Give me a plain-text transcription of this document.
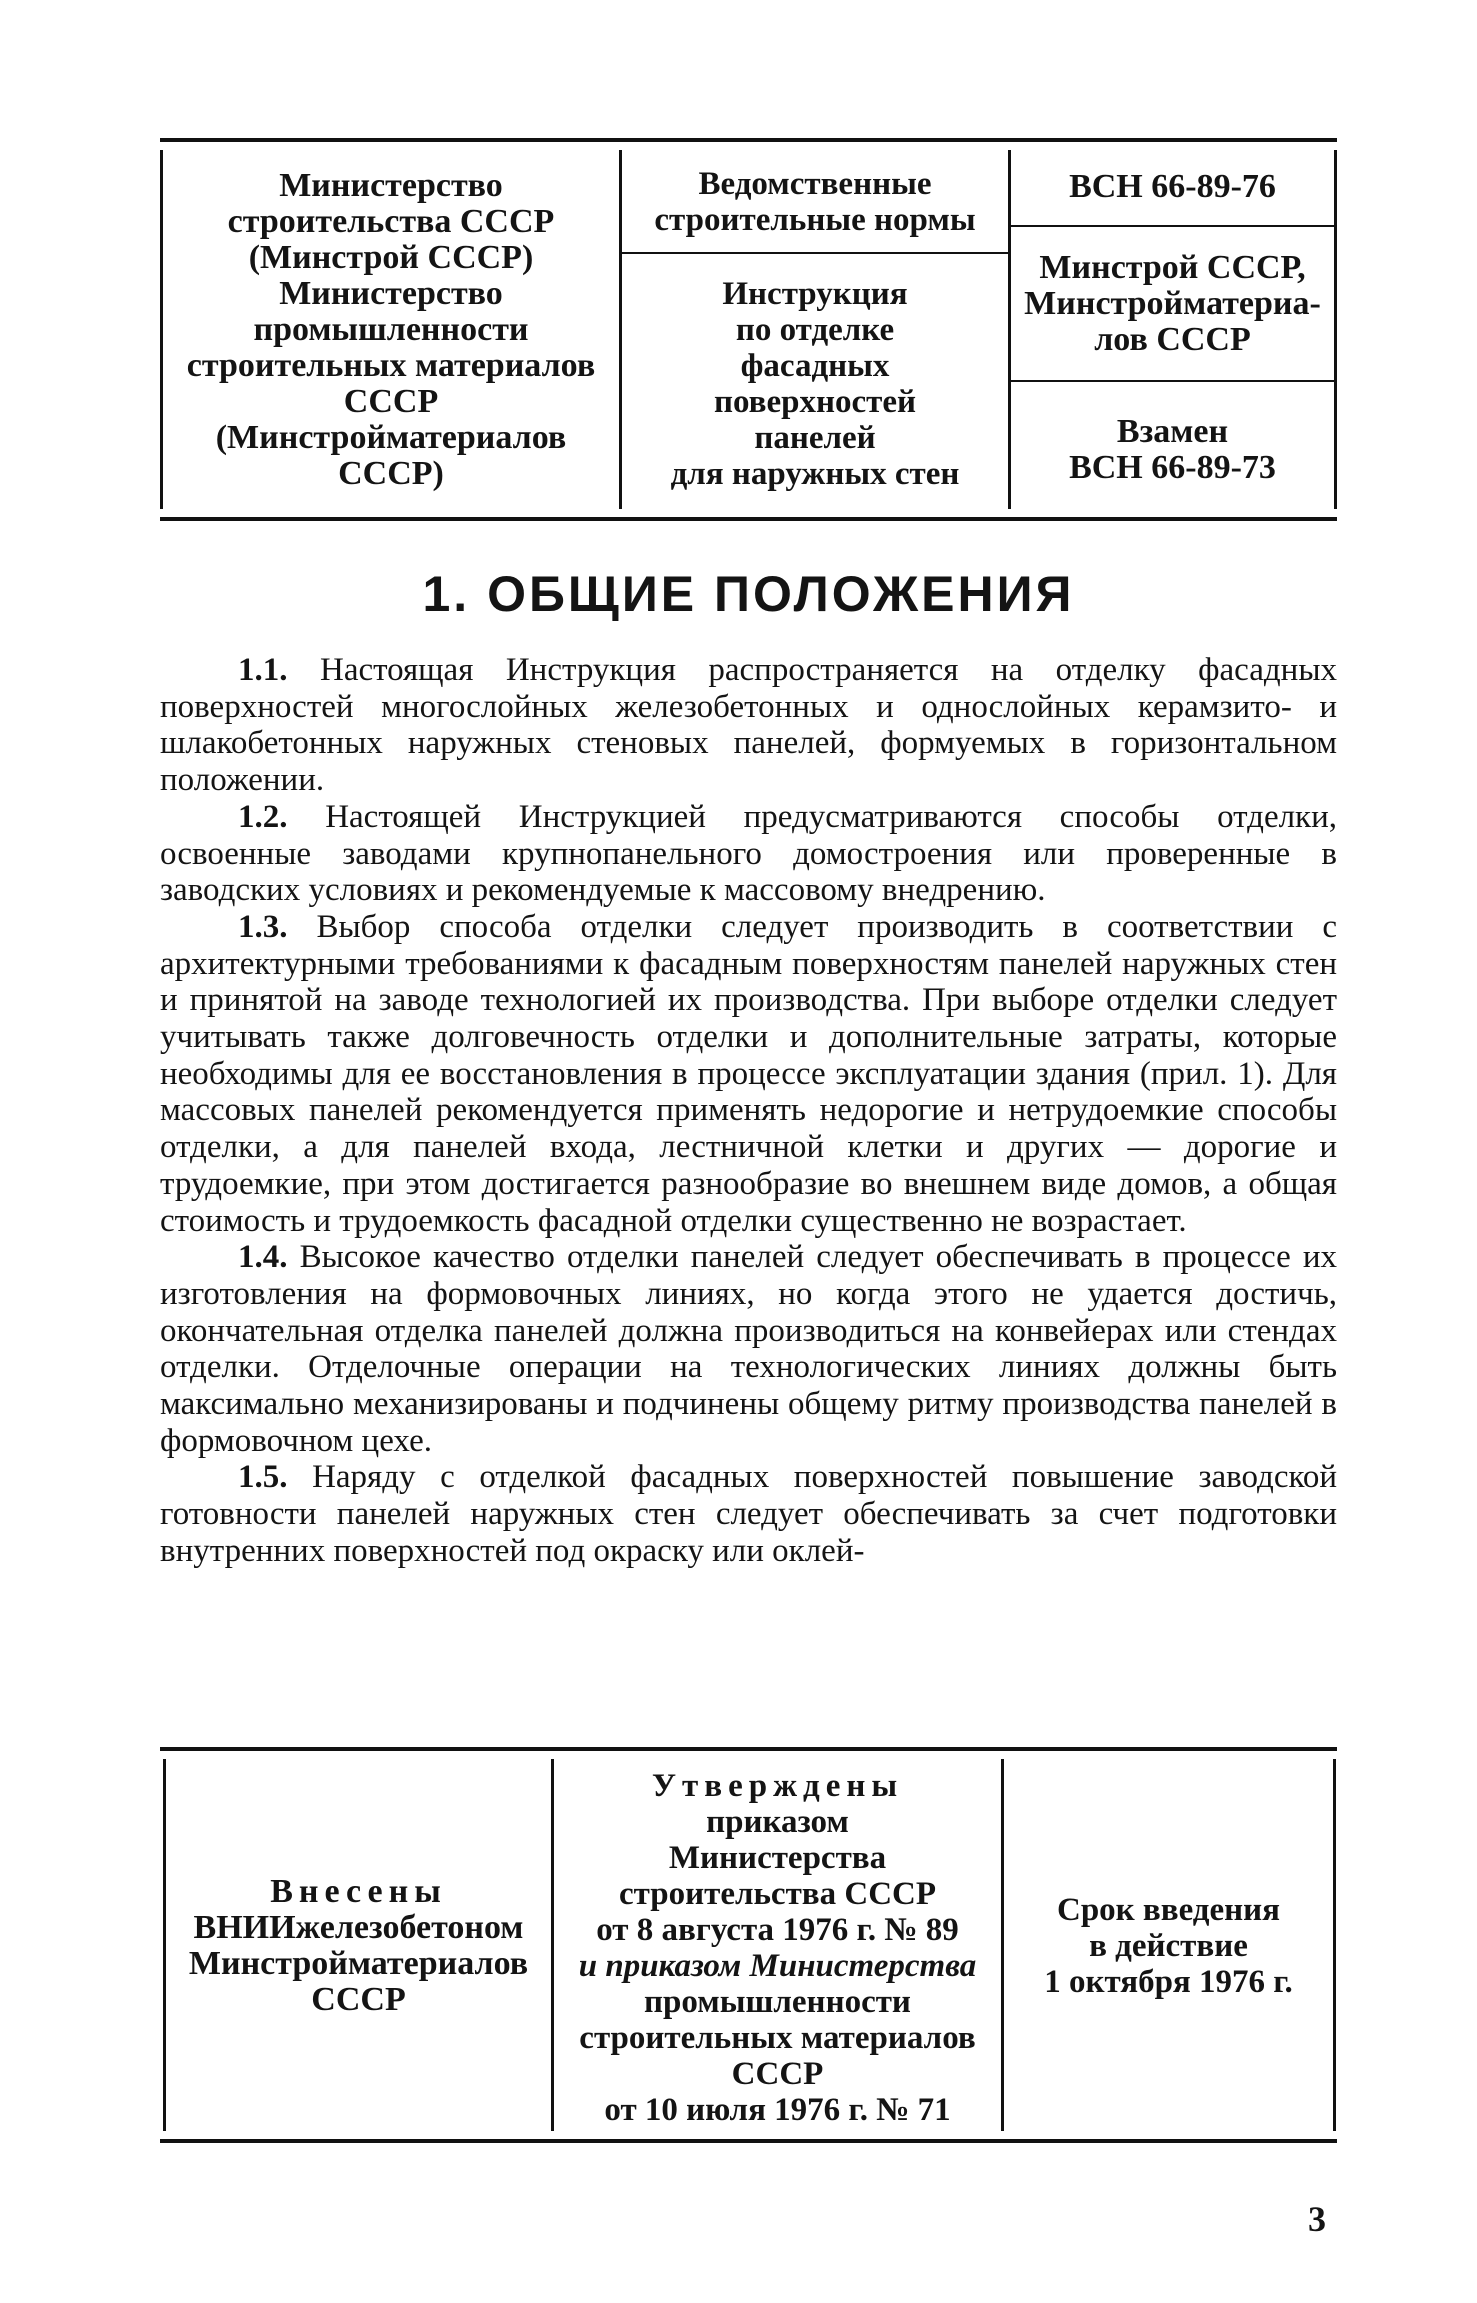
Министерство
строительства СССР
(Минстрой СССР)
Министерство
промышленности
строительных материалов
СССР
(Минстройматериалов
СССР)
Ведомственные
строительные нормы
Инструкция
по отделке
фасадных
поверхностей
панелей
для наружных стен
ВСН 66-89-76
Минстрой СССР,
Минстройматериа-
лов СССР
Взамен
ВСН 66-89-73
1. ОБЩИЕ ПОЛОЖЕНИЯ

1.1. Настоящая Инструкция распространяется на отделку фасадных поверхностей многослойных железобетонных и однослойных керамзито- и шлакобетонных наружных стеновых панелей, формуемых в горизонтальном положении.

1.2. Настоящей Инструкцией предусматриваются способы отделки, освоенные заводами крупнопанельного домостроения или проверенные в заводских условиях и рекомендуемые к массовому внедрению.

1.3. Выбор способа отделки следует производить в соответствии с архитектурными требованиями к фасадным поверхностям панелей наружных стен и принятой на заводе технологией их производства. При выборе отделки следует учитывать также долговечность отделки и дополнительные затраты, которые необходимы для ее восстановления в процессе эксплуатации здания (прил. 1). Для массовых панелей рекомендуется применять недорогие и нетрудоемкие способы отделки, а для панелей входа, лестничной клетки и других — дорогие и трудоемкие, при этом достигается разнообразие во внешнем виде домов, а общая стоимость и трудоемкость фасадной отделки существенно не возрастает.

1.4. Высокое качество отделки панелей следует обеспечивать в процессе их изготовления на формовочных линиях, но когда этого не удается достичь, окончательная отделка панелей должна производиться на конвейерах или стендах отделки. Отделочные операции на технологических линиях должны быть максимально механизированы и подчинены общему ритму производства панелей в формовочном цехе.

1.5. Наряду с отделкой фасадных поверхностей повышение заводской готовности панелей наружных стен следует обеспечивать за счет подготовки внутренних поверхностей под окраску или оклей-

Внесены
ВНИИжелезобетоном
Минстройматериалов
СССР
Утверждены
приказом
Министерства
строительства СССР
от 8 августа 1976 г. № 89
и приказом Министерства
промышленности
строительных материалов
СССР
от 10 июля 1976 г. № 71
Срок введения
в действие
1 октября 1976 г.
3
